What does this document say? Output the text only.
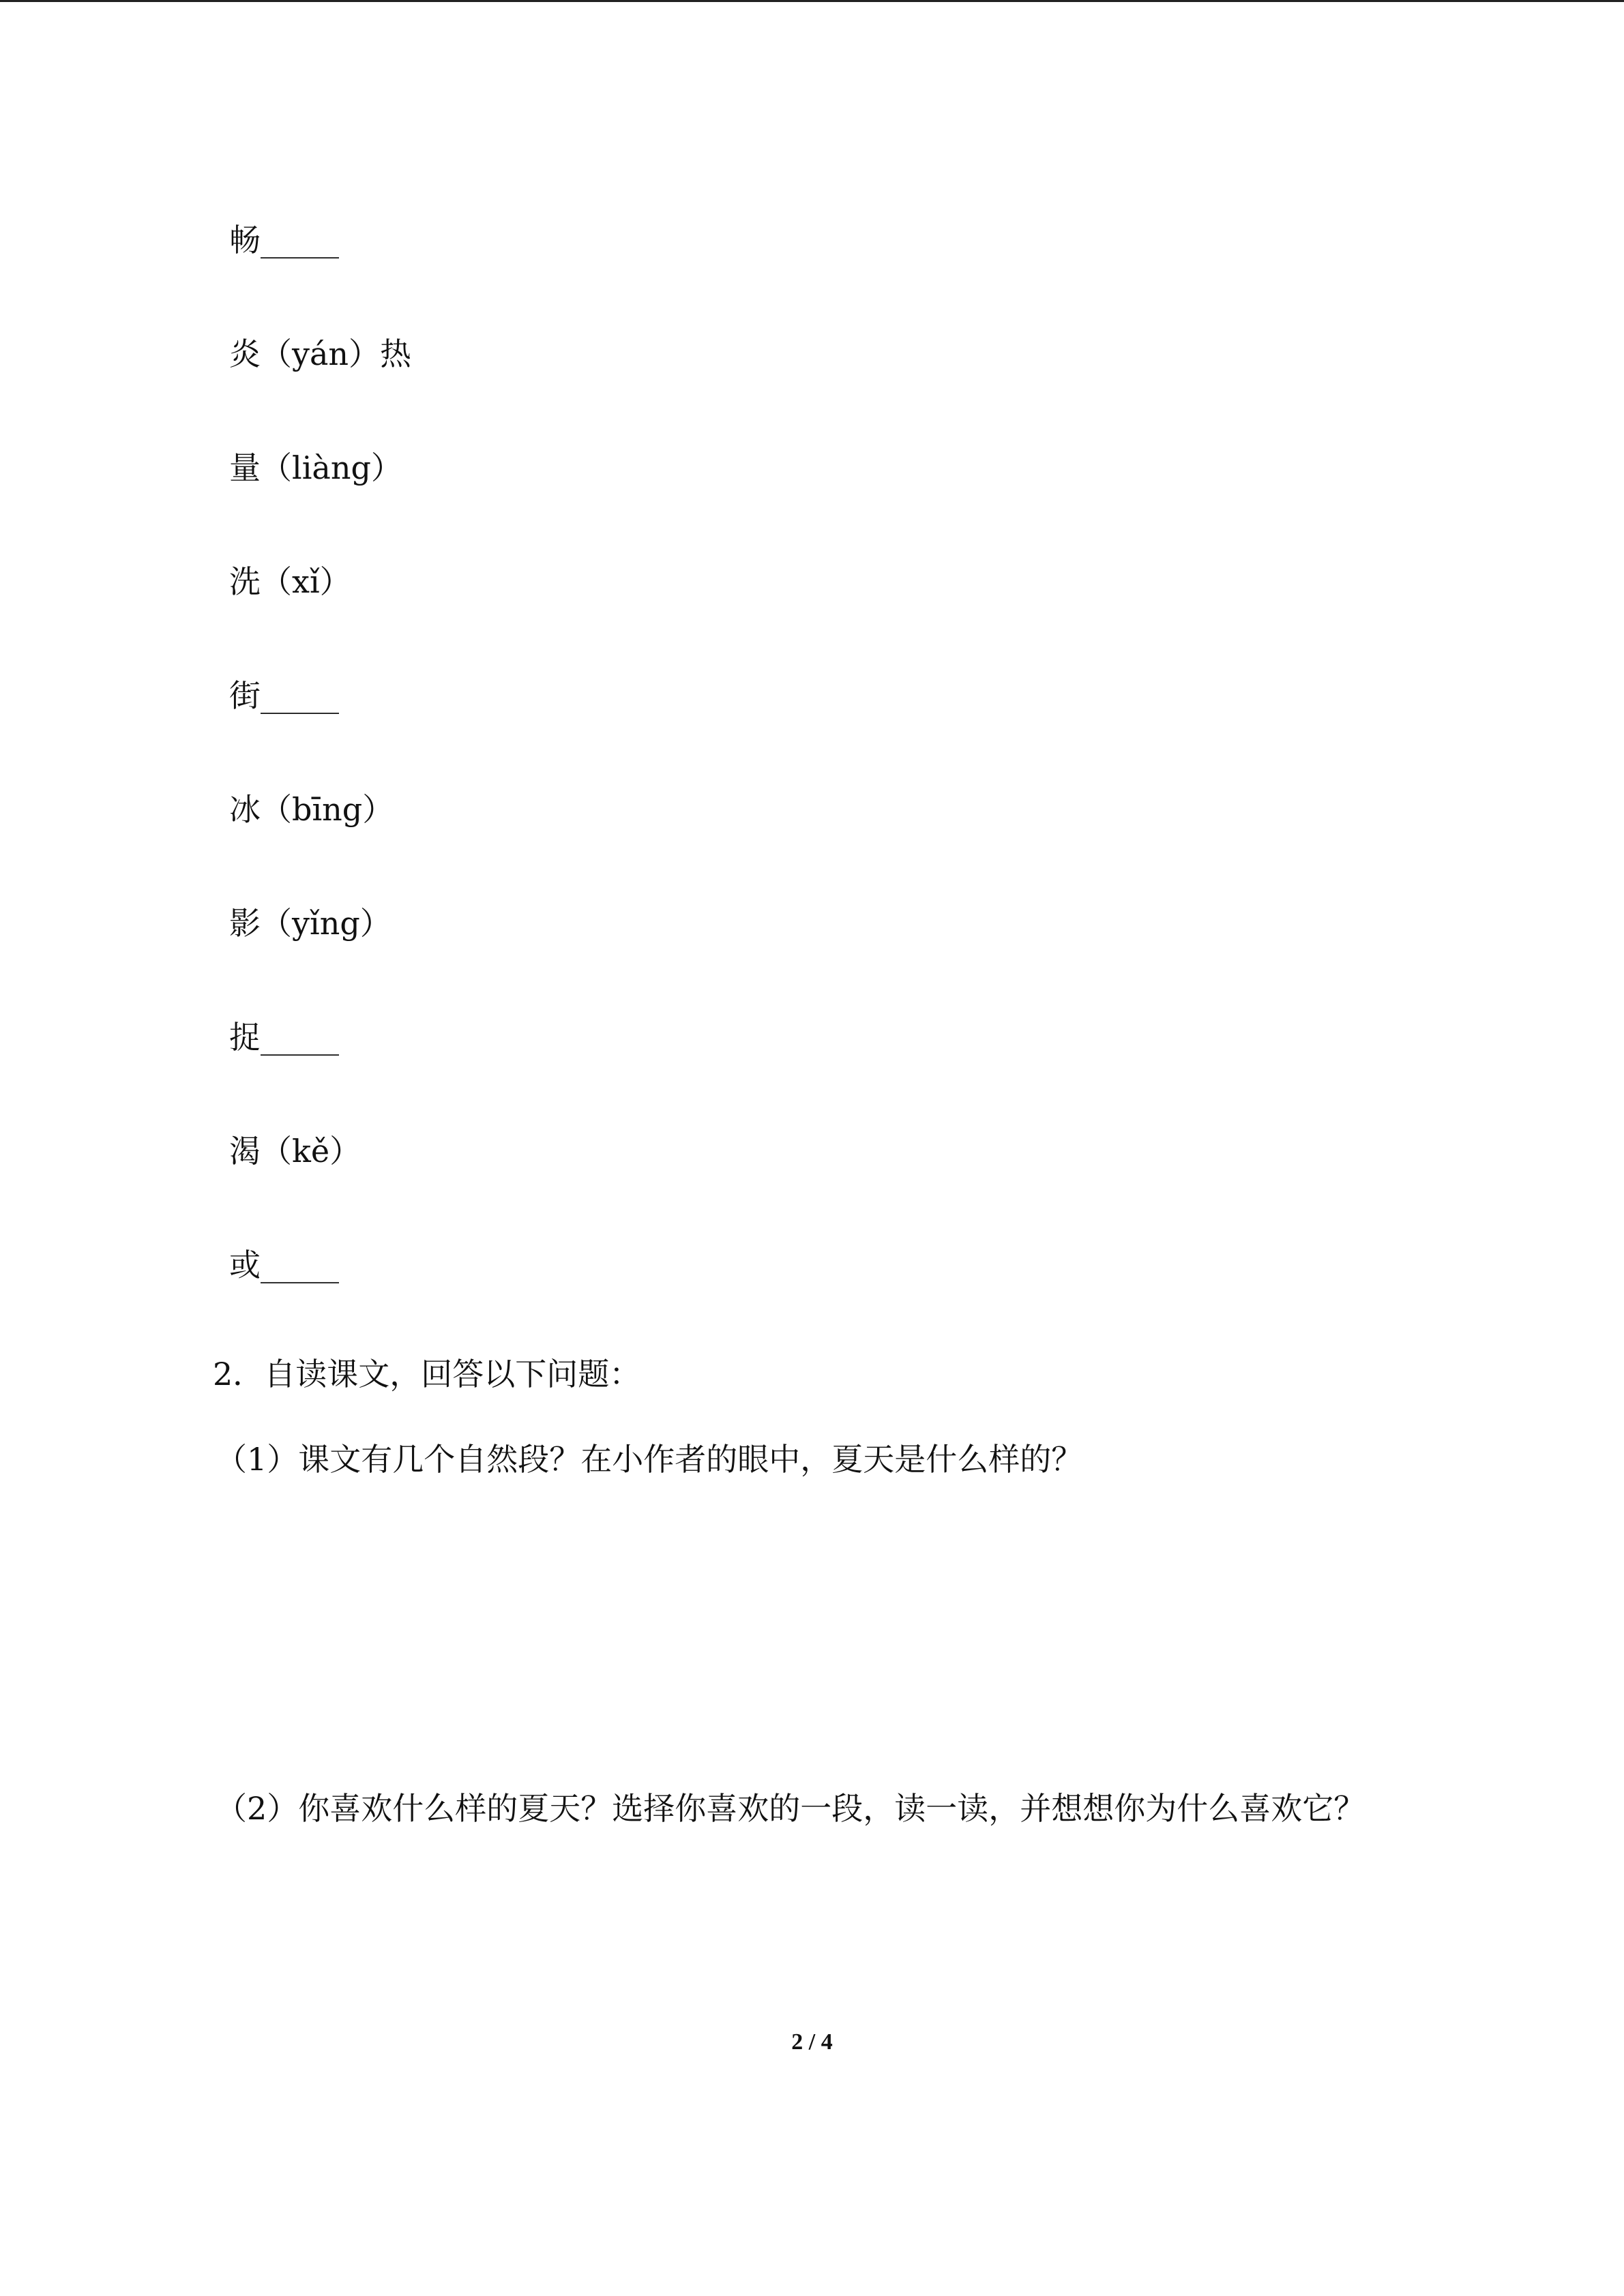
畅_____
炎（yán）热
量（liàng）
洗（xǐ）
街_____
冰（bīng）
影（yǐng）
捉_____
渴（kě）
或_____
2．自读课文，回答以下问题：
（1）课文有几个自然段？在小作者的眼中，夏天是什么样的？
（2）你喜欢什么样的夏天？选择你喜欢的一段，读一读，并想想你为什么喜欢它？
2 / 4
